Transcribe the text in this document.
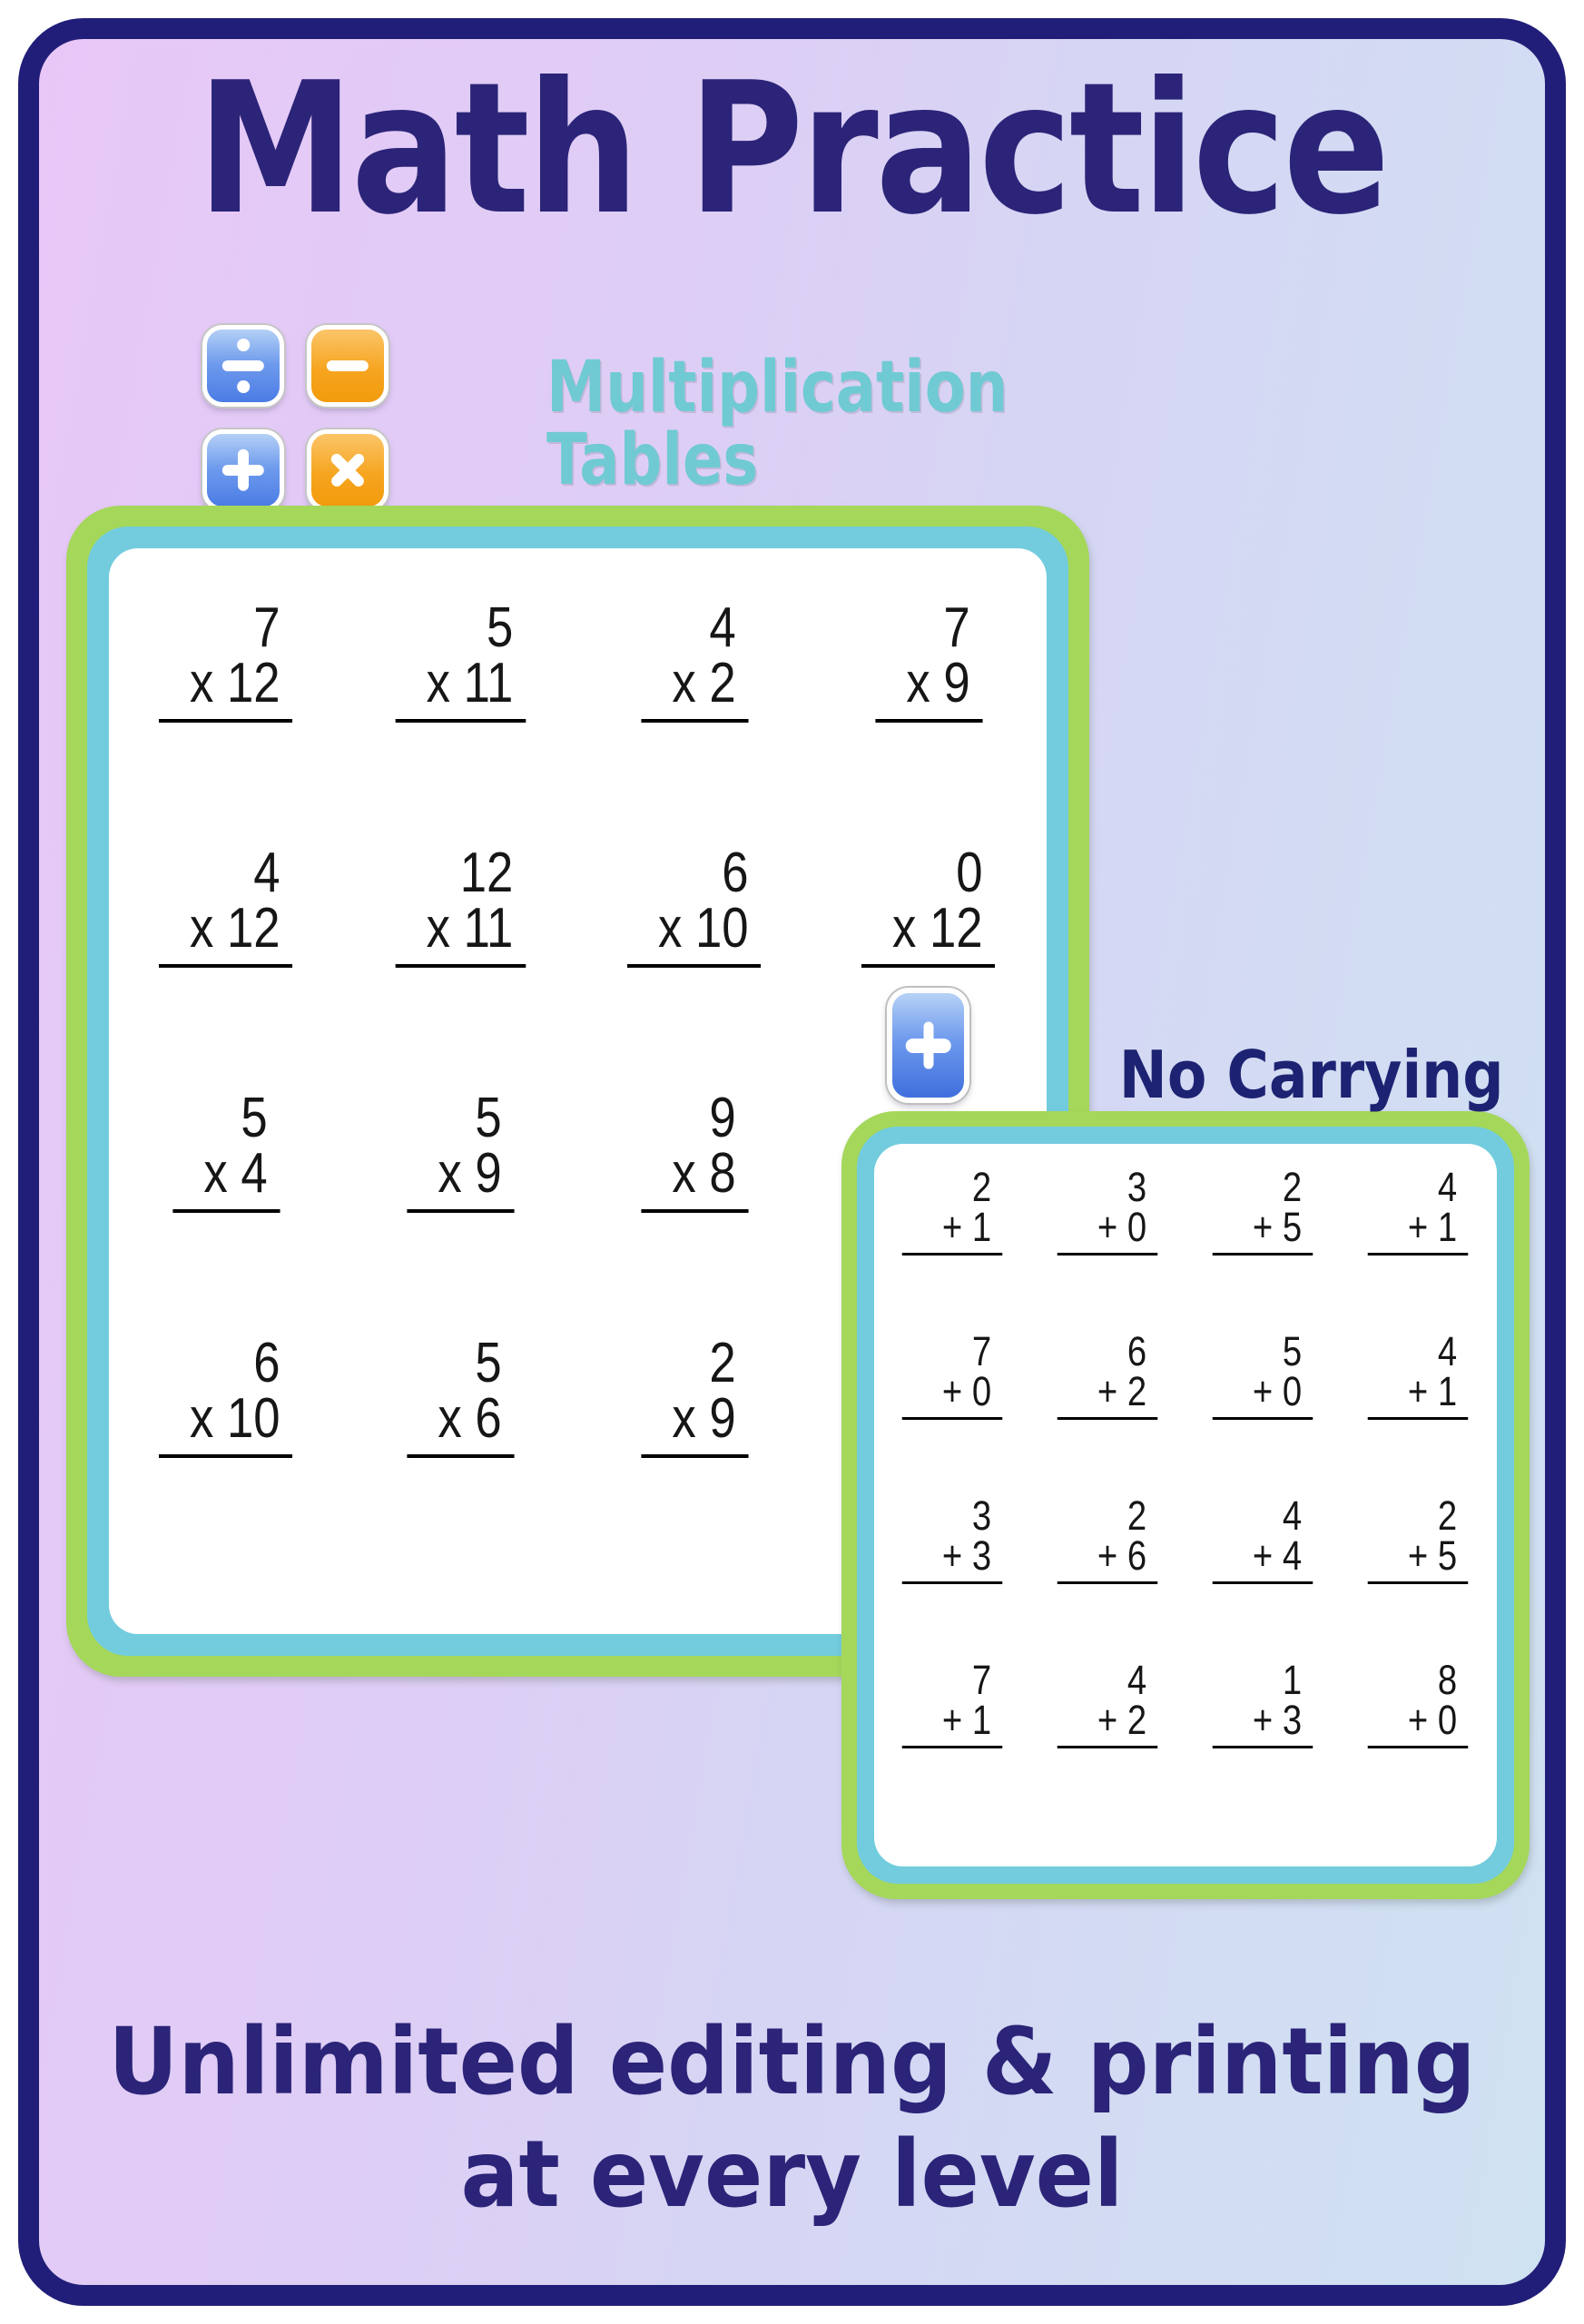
Math Practice
Multiplication Tables
7
x 12
5
x 11
4
x 2
7
x 9
4
x 12
12
x 11
6
x 10
0
x 12
5
x 4
5
x 9
9
x 8
6
x 10
5
x 6
2
x 9
No Carrying
2
+ 1
3
+ 0
2
+ 5
4
+ 1
7
+ 0
6
+ 2
5
+ 0
4
+ 1
3
+ 3
2
+ 6
4
+ 4
2
+ 5
7
+ 1
4
+ 2
1
+ 3
8
+ 0
Unlimited editing & printing
at every level
